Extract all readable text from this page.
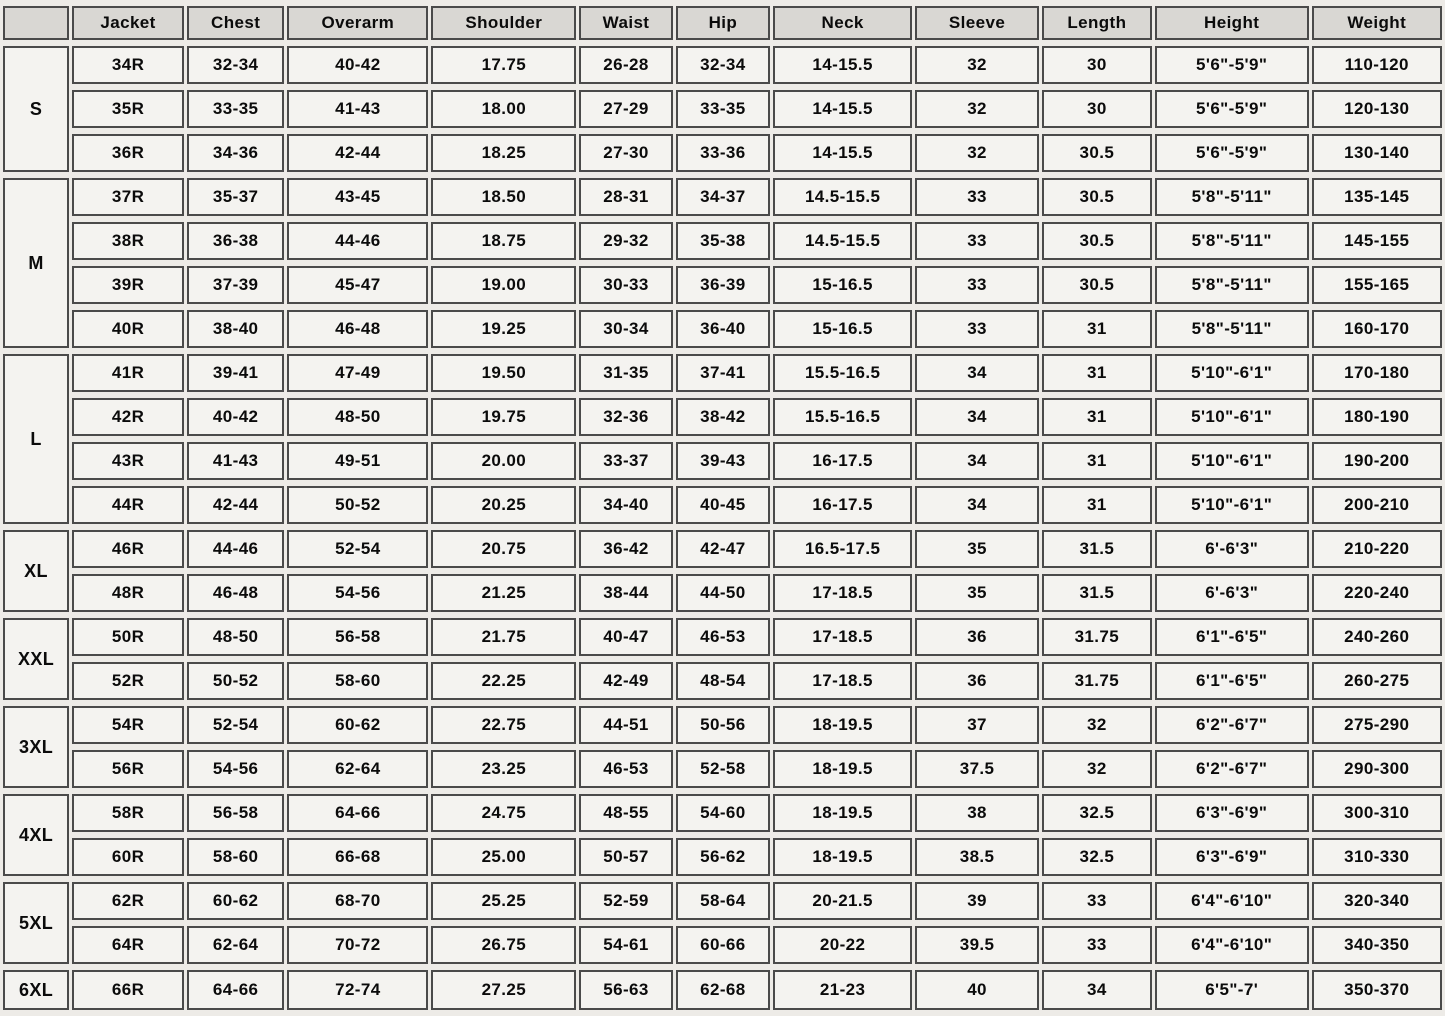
	Jacket	Chest	Overarm	Shoulder	Waist	Hip	Neck	Sleeve	Length	Height	Weight
S	34R	32-34	40-42	17.75	26-28	32-34	14-15.5	32	30	5'6"-5'9"	110-120
	35R	33-35	41-43	18.00	27-29	33-35	14-15.5	32	30	5'6"-5'9"	120-130
	36R	34-36	42-44	18.25	27-30	33-36	14-15.5	32	30.5	5'6"-5'9"	130-140
M	37R	35-37	43-45	18.50	28-31	34-37	14.5-15.5	33	30.5	5'8"-5'11"	135-145
	38R	36-38	44-46	18.75	29-32	35-38	14.5-15.5	33	30.5	5'8"-5'11"	145-155
	39R	37-39	45-47	19.00	30-33	36-39	15-16.5	33	30.5	5'8"-5'11"	155-165
	40R	38-40	46-48	19.25	30-34	36-40	15-16.5	33	31	5'8"-5'11"	160-170
L	41R	39-41	47-49	19.50	31-35	37-41	15.5-16.5	34	31	5'10"-6'1"	170-180
	42R	40-42	48-50	19.75	32-36	38-42	15.5-16.5	34	31	5'10"-6'1"	180-190
	43R	41-43	49-51	20.00	33-37	39-43	16-17.5	34	31	5'10"-6'1"	190-200
	44R	42-44	50-52	20.25	34-40	40-45	16-17.5	34	31	5'10"-6'1"	200-210
XL	46R	44-46	52-54	20.75	36-42	42-47	16.5-17.5	35	31.5	6'-6'3"	210-220
	48R	46-48	54-56	21.25	38-44	44-50	17-18.5	35	31.5	6'-6'3"	220-240
XXL	50R	48-50	56-58	21.75	40-47	46-53	17-18.5	36	31.75	6'1"-6'5"	240-260
	52R	50-52	58-60	22.25	42-49	48-54	17-18.5	36	31.75	6'1"-6'5"	260-275
3XL	54R	52-54	60-62	22.75	44-51	50-56	18-19.5	37	32	6'2"-6'7"	275-290
	56R	54-56	62-64	23.25	46-53	52-58	18-19.5	37.5	32	6'2"-6'7"	290-300
4XL	58R	56-58	64-66	24.75	48-55	54-60	18-19.5	38	32.5	6'3"-6'9"	300-310
	60R	58-60	66-68	25.00	50-57	56-62	18-19.5	38.5	32.5	6'3"-6'9"	310-330
5XL	62R	60-62	68-70	25.25	52-59	58-64	20-21.5	39	33	6'4"-6'10"	320-340
	64R	62-64	70-72	26.75	54-61	60-66	20-22	39.5	33	6'4"-6'10"	340-350
6XL	66R	64-66	72-74	27.25	56-63	62-68	21-23	40	34	6'5"-7'	350-370
